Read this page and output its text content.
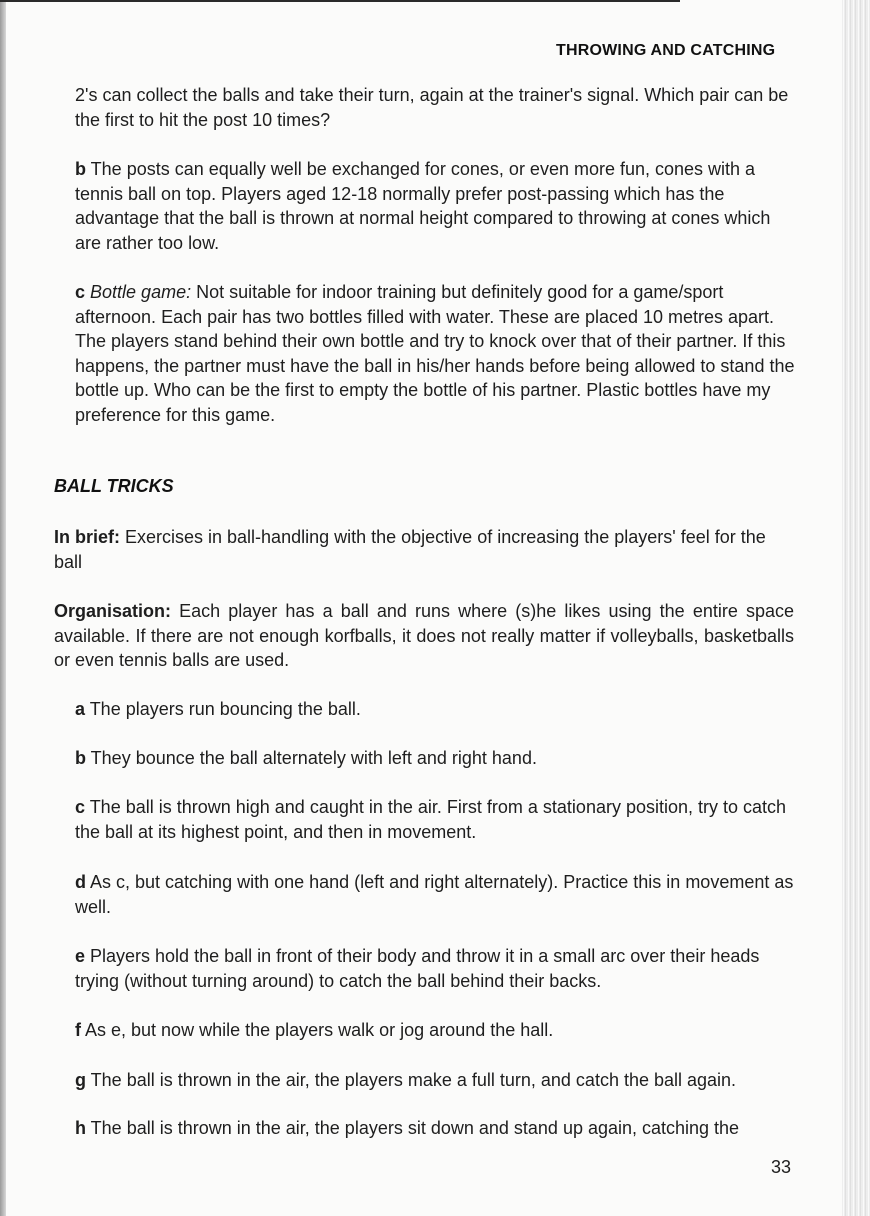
THROWING AND CATCHING
2's can collect the balls and take their turn, again at the trainer's signal. Which pair can be the first to hit the post 10 times?
b The posts can equally well be exchanged for cones, or even more fun, cones with a tennis ball on top. Players aged 12-18 normally prefer post-passing which has the advantage that the ball is thrown at normal height compared to throwing at cones which are rather too low.
c Bottle game: Not suitable for indoor training but definitely good for a game/sport afternoon. Each pair has two bottles filled with water. These are placed 10 metres apart. The players stand behind their own bottle and try to knock over that of their partner. If this happens, the partner must have the ball in his/her hands before being allowed to stand the bottle up. Who can be the first to empty the bottle of his partner. Plastic bottles have my preference for this game.
BALL TRICKS
In brief: Exercises in ball-handling with the objective of increasing the players' feel for the ball
Organisation: Each player has a ball and runs where (s)he likes using the entire space available. If there are not enough korfballs, it does not really matter if volleyballs, basketballs or even tennis balls are used.
a The players run bouncing the ball.
b They bounce the ball alternately with left and right hand.
c The ball is thrown high and caught in the air. First from a stationary position, try to catch the ball at its highest point, and then in movement.
d As c, but catching with one hand (left and right alternately). Practice this in movement as well.
e Players hold the ball in front of their body and throw it in a small arc over their heads trying (without turning around) to catch the ball behind their backs.
f As e, but now while the players walk or jog around the hall.
g The ball is thrown in the air, the players make a full turn, and catch the ball again.
h The ball is thrown in the air, the players sit down and stand up again, catching the
33
